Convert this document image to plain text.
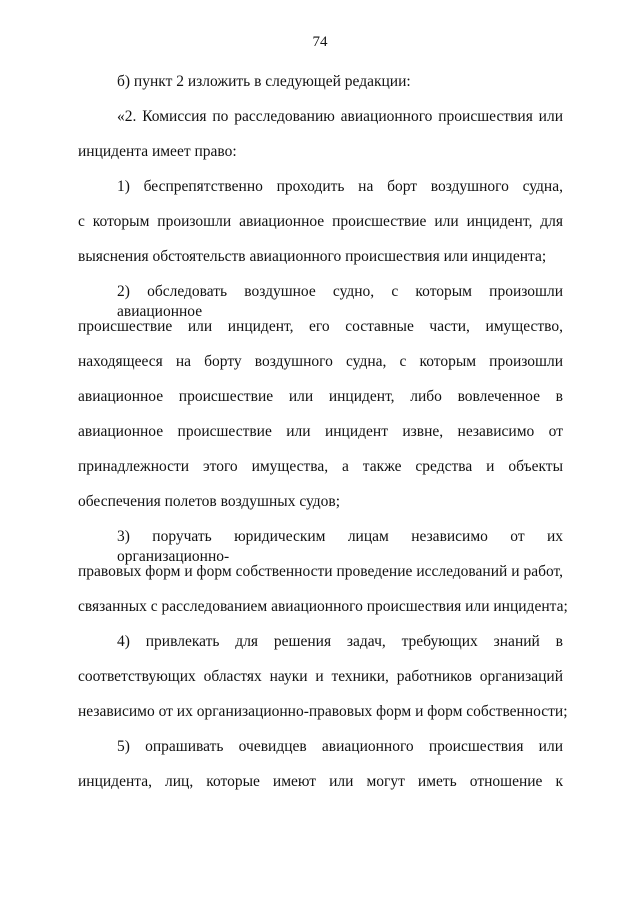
74
б) пункт 2 изложить в следующей редакции:
«2. Комиссия по расследованию авиационного происшествия или
инцидента имеет право:
1) беспрепятственно проходить на борт воздушного судна,
с которым произошли авиационное происшествие или инцидент, для
выяснения обстоятельств авиационного происшествия или инцидента;
2) обследовать воздушное судно, с которым произошли авиационное
происшествие или инцидент, его составные части, имущество,
находящееся на борту воздушного судна, с которым произошли
авиационное происшествие или инцидент, либо вовлеченное в
авиационное происшествие или инцидент извне, независимо от
принадлежности этого имущества, а также средства и объекты
обеспечения полетов воздушных судов;
3) поручать юридическим лицам независимо от их организационно-
правовых форм и форм собственности проведение исследований и работ,
связанных с расследованием авиационного происшествия или инцидента;
4) привлекать для решения задач, требующих знаний в
соответствующих областях науки и техники, работников организаций
независимо от их организационно-правовых форм и форм собственности;
5) опрашивать очевидцев авиационного происшествия или
инцидента, лиц, которые имеют или могут иметь отношение к
